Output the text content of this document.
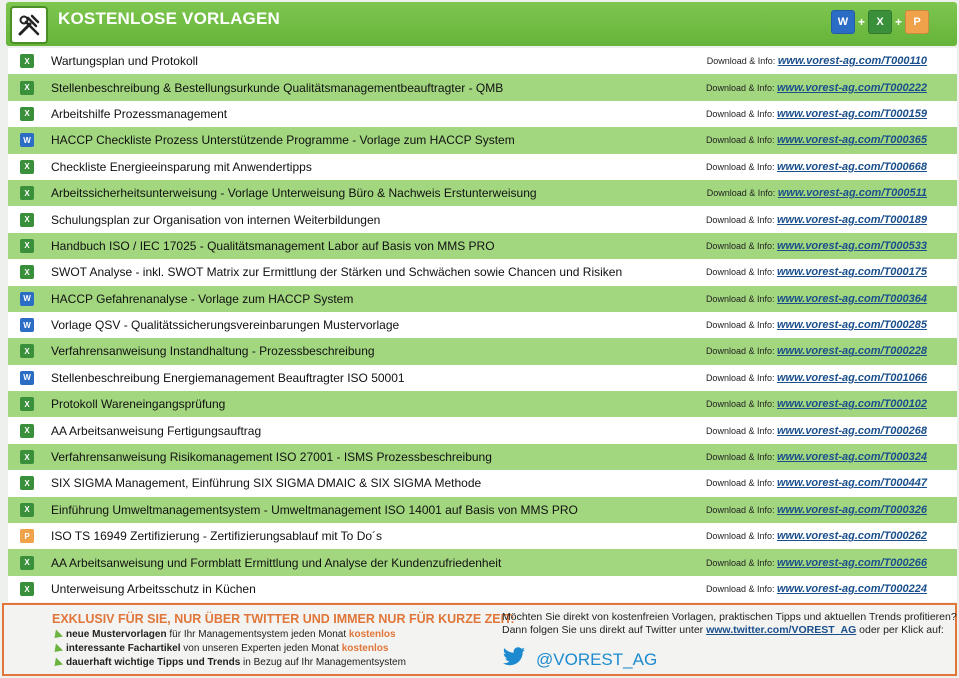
KOSTENLOSE VORLAGEN	W +	X +	P
X	Wartungsplan und Protokoll	Download & Info: www.vorest-ag.com/T000110
X	Stellenbeschreibung & Bestellungsurkunde Qualitätsmanagementbeauftragter - QMB	Download & Info: www.vorest-ag.com/T000222
X	Arbeitshilfe Prozessmanagement	Download & Info: www.vorest-ag.com/T000159
W HACCP Checkliste Prozess Unterstützende Programme - Vorlage zum HACCP System	Download & Info: www.vorest-ag.com/T000365
X	Checkliste Energieeinsparung mit Anwendertipps	Download & Info: www.vorest-ag.com/T000668
X	Arbeitssicherheitsunterweisung - Vorlage Unterweisung Büro & Nachweis Erstunterweisung	Download & Info: www.vorest-ag.com/T000511
X	Schulungsplan zur Organisation von internen Weiterbildungen	Download & Info: www.vorest-ag.com/T000189
X	Handbuch ISO / IEC 17025 - Qualitätsmanagement Labor auf Basis von MMS PRO	Download & Info: www.vorest-ag.com/T000533
X	SWOT Analyse - inkl. SWOT Matrix zur Ermittlung der Stärken und Schwächen sowie Chancen und Risiken	Download & Info: www.vorest-ag.com/T000175
W HACCP Gefahrenanalyse - Vorlage zum HACCP System	Download & Info: www.vorest-ag.com/T000364
W Vorlage QSV - Qualitätssicherungsvereinbarungen Mustervorlage	Download & Info: www.vorest-ag.com/T000285
X	Verfahrensanweisung Instandhaltung - Prozessbeschreibung	Download & Info: www.vorest-ag.com/T000228
W Stellenbeschreibung Energiemanagement Beauftragter ISO 50001	Download & Info: www.vorest-ag.com/T001066
X	Protokoll Wareneingangsprüfung	Download & Info: www.vorest-ag.com/T000102
X	AA Arbeitsanweisung Fertigungsauftrag	Download & Info: www.vorest-ag.com/T000268
X	Verfahrensanweisung Risikomanagement ISO 27001 - ISMS Prozessbeschreibung	Download & Info: www.vorest-ag.com/T000324
X	SIX SIGMA Management, Einführung SIX SIGMA DMAIC & SIX SIGMA Methode	Download & Info: www.vorest-ag.com/T000447
X	Einführung Umweltmanagementsystem - Umweltmanagement ISO 14001 auf Basis von MMS PRO	Download & Info: www.vorest-ag.com/T000326
P	ISO TS 16949 Zertifizierung - Zertifizierungsablauf mit To Do´s	Download & Info: www.vorest-ag.com/T000262
X	AA Arbeitsanweisung und Formblatt Ermittlung und Analyse der Kundenzufriedenheit	Download & Info: www.vorest-ag.com/T000266
X	Unterweisung Arbeitsschutz in Küchen	Download & Info: www.vorest-ag.com/T000224
EXKLUSIV FÜR SIE, NUR ÜBER TWITTER UND IMMER NUR FÜR KURZE ZEIT:
neue Mustervorlagen für Ihr Managementsystem jeden Monat kostenlos
interessante Fachartikel von unseren Experten jeden Monat kostenlos
dauerhaft wichtige Tipps und Trends in Bezug auf Ihr Managementsystem
Möchten Sie direkt von kostenfreien Vorlagen, praktischen Tipps und aktuellen Trends profitieren?
Dann folgen Sie uns direkt auf Twitter unter www.twitter.com/VOREST_AG oder per Klick auf:
@VOREST_AG
